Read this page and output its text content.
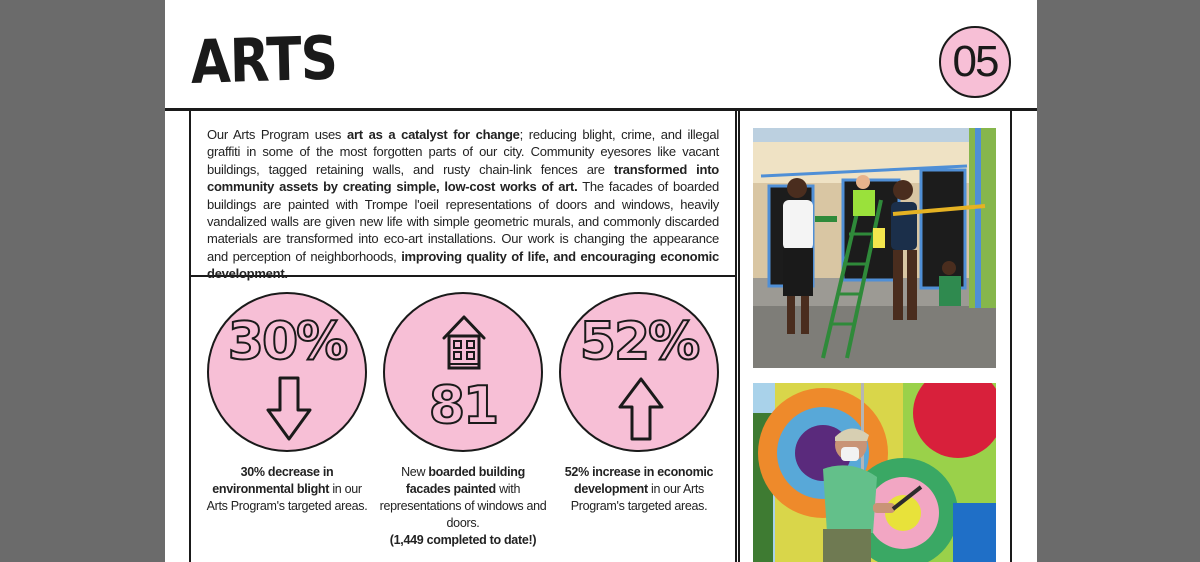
ARTS	05
Our Arts Program uses art as a catalyst for change; reducing blight, crime, and illegal graffiti in some of the most forgotten parts of our city. Community eyesores like vacant buildings, tagged retaining walls, and rusty chain-link fences are transformed into community assets by creating simple, low-cost works of art. The facades of boarded buildings are painted with Trompe l'oeil representations of doors and windows, heavily vandalized walls are given new life with simple geometric murals, and commonly discarded materials are transformed into eco-art installations. Our work is changing the appearance and perception of neighborhoods, improving quality of life, and encouraging economic development.
30%
81
52%
30% decrease in environmental blight in our Arts Program's targeted areas.
New boarded building facades painted with representations of windows and doors.
(1,449 completed to date!)
52% increase in economic development in our Arts Program's targeted areas.
